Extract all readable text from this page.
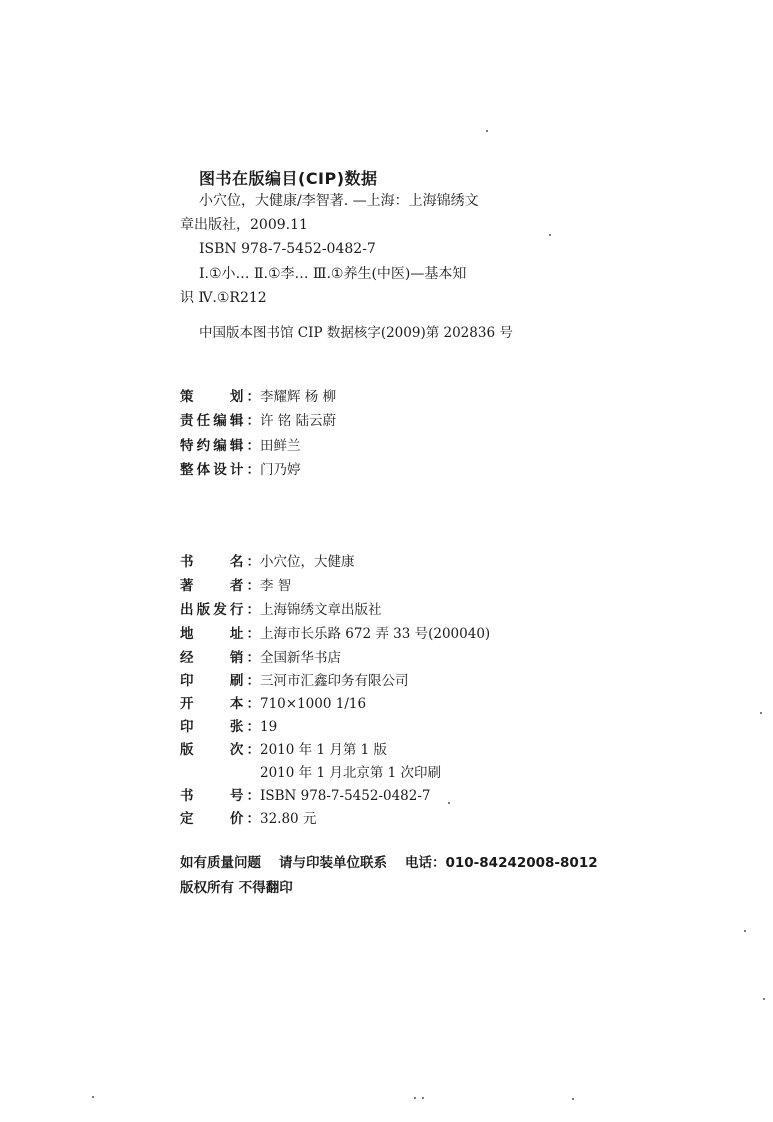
图书在版编目(CIP)数据
小穴位，大健康/李智著. —上海：上海锦绣文
章出版社，2009.11
ISBN 978-7-5452-0482-7
Ⅰ.①小… Ⅱ.①李… Ⅲ.①养生(中医)—基本知
识 Ⅳ.①R212
中国版本图书馆 CIP 数据核字(2009)第 202836 号
策　　划： 李耀辉 杨 柳
责任编辑： 许 铭 陆云蔚
特约编辑： 田鲜兰
整体设计： 门乃婷
书　　名： 小穴位，大健康
著　　者： 李 智
出版发行： 上海锦绣文章出版社
地　　址： 上海市长乐路 672 弄 33 号(200040)
经　　销： 全国新华书店
印　　刷： 三河市汇鑫印务有限公司
开　　本： 710×1000 1/16
印　　张： 19
版　　次： 2010 年 1 月第 1 版
2010 年 1 月北京第 1 次印刷
书　　号： ISBN 978-7-5452-0482-7
定　　价： 32.80 元
如有质量问题 请与印装单位联系 电话：010-84242008-8012
版权所有 不得翻印
